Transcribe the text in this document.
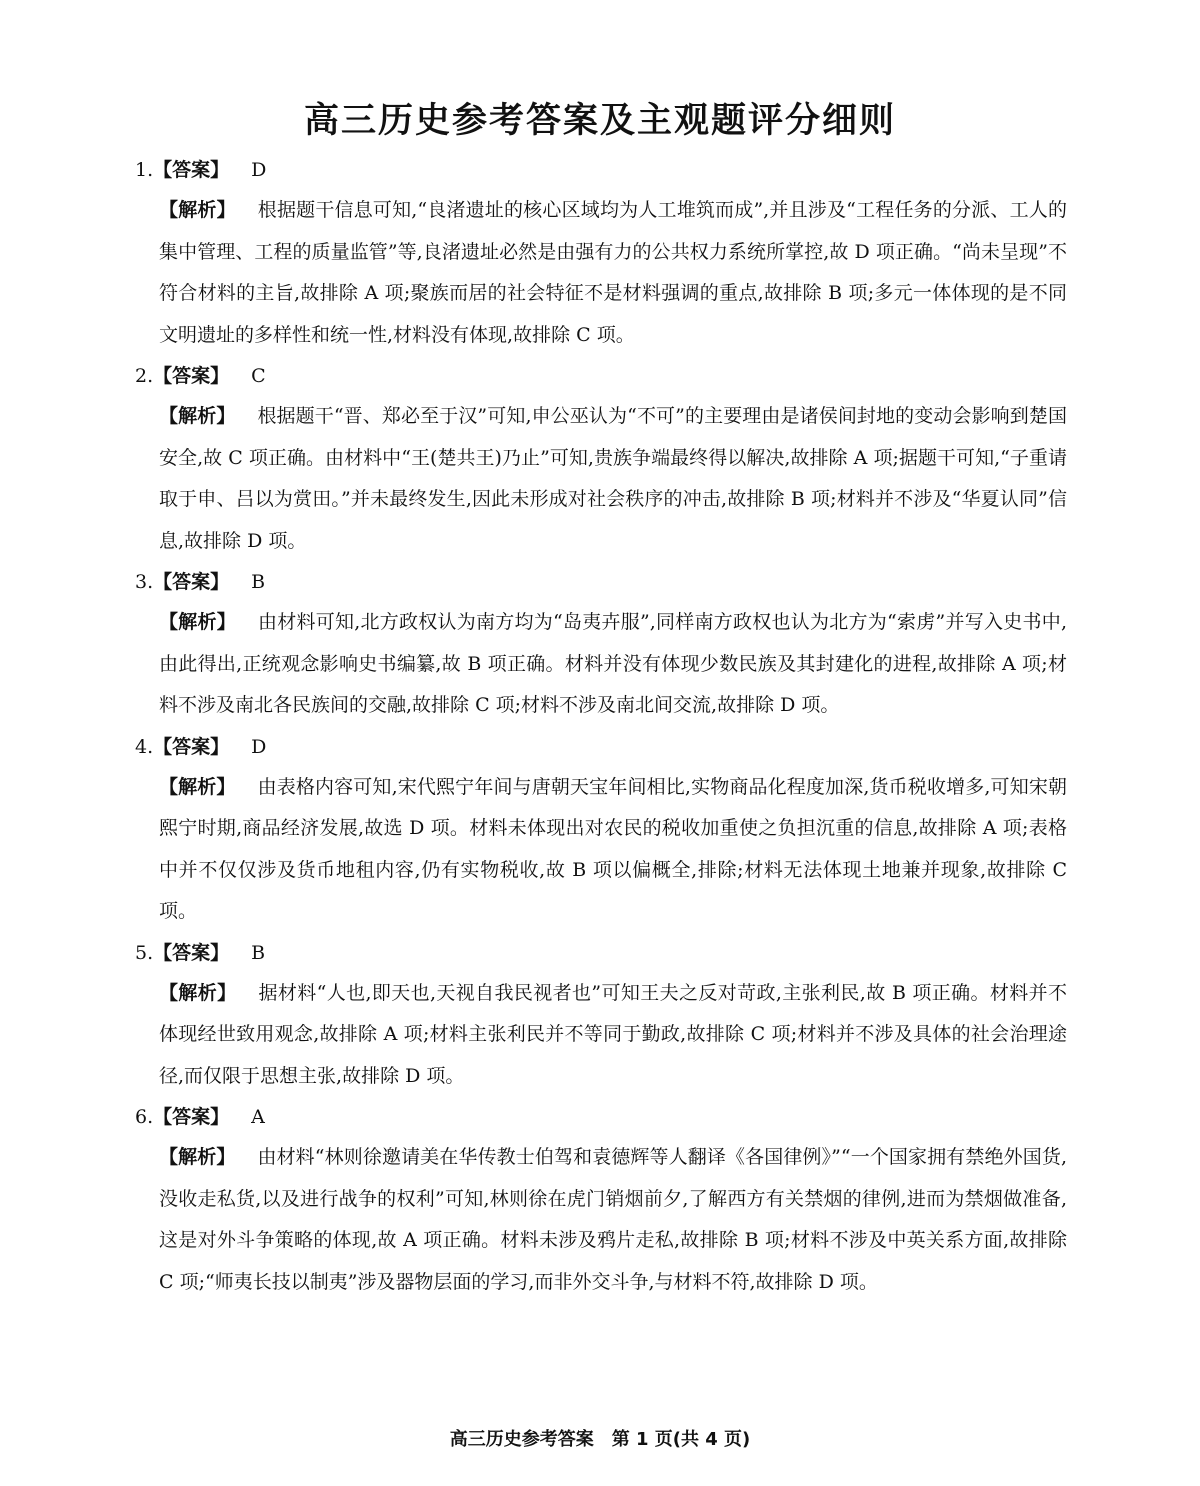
高三历史参考答案及主观题评分细则
1.【答案】 D
【解析】 根据题干信息可知,“良渚遗址的核心区域均为人工堆筑而成”,并且涉及“工程任务的分派、工人的集中管理、工程的质量监管”等,良渚遗址必然是由强有力的公共权力系统所掌控,故 D 项正确。“尚未呈现”不符合材料的主旨,故排除 A 项;聚族而居的社会特征不是材料强调的重点,故排除 B 项;多元一体体现的是不同文明遗址的多样性和统一性,材料没有体现,故排除 C 项。
2.【答案】 C
【解析】 根据题干“晋、郑必至于汉”可知,申公巫认为“不可”的主要理由是诸侯间封地的变动会影响到楚国安全,故 C 项正确。由材料中“王(楚共王)乃止”可知,贵族争端最终得以解决,故排除 A 项;据题干可知,“子重请取于申、吕以为赏田。”并未最终发生,因此未形成对社会秩序的冲击,故排除 B 项;材料并不涉及“华夏认同”信息,故排除 D 项。
3.【答案】 B
【解析】 由材料可知,北方政权认为南方均为“岛夷卉服”,同样南方政权也认为北方为“索虏”并写入史书中,由此得出,正统观念影响史书编纂,故 B 项正确。材料并没有体现少数民族及其封建化的进程,故排除 A 项;材料不涉及南北各民族间的交融,故排除 C 项;材料不涉及南北间交流,故排除 D 项。
4.【答案】 D
【解析】 由表格内容可知,宋代熙宁年间与唐朝天宝年间相比,实物商品化程度加深,货币税收增多,可知宋朝熙宁时期,商品经济发展,故选 D 项。材料未体现出对农民的税收加重使之负担沉重的信息,故排除 A 项;表格中并不仅仅涉及货币地租内容,仍有实物税收,故 B 项以偏概全,排除;材料无法体现土地兼并现象,故排除 C 项。
5.【答案】 B
【解析】 据材料“人也,即天也,天视自我民视者也”可知王夫之反对苛政,主张利民,故 B 项正确。材料并不体现经世致用观念,故排除 A 项;材料主张利民并不等同于勤政,故排除 C 项;材料并不涉及具体的社会治理途径,而仅限于思想主张,故排除 D 项。
6.【答案】 A
【解析】 由材料“林则徐邀请美在华传教士伯驾和袁德辉等人翻译《各国律例》”“一个国家拥有禁绝外国货,没收走私货,以及进行战争的权利”可知,林则徐在虎门销烟前夕,了解西方有关禁烟的律例,进而为禁烟做准备,这是对外斗争策略的体现,故 A 项正确。材料未涉及鸦片走私,故排除 B 项;材料不涉及中英关系方面,故排除 C 项;“师夷长技以制夷”涉及器物层面的学习,而非外交斗争,与材料不符,故排除 D 项。
高三历史参考答案　第 1 页(共 4 页)
